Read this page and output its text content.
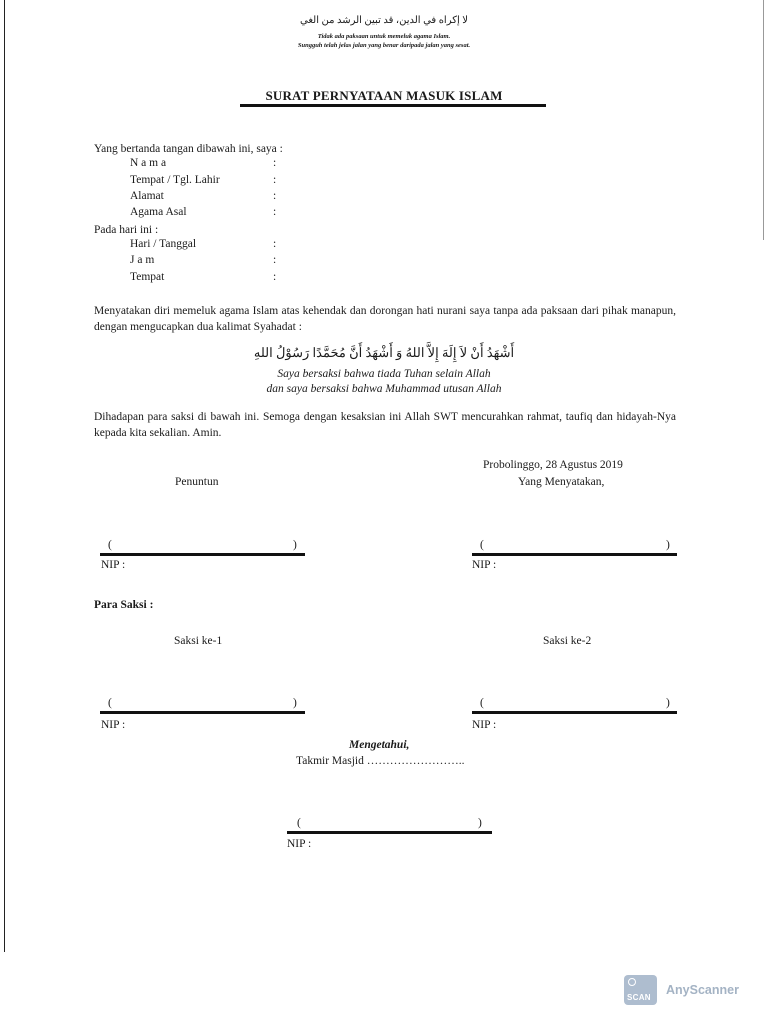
لا إكراه في الدين، قد تبين الرشد من الغي
Tidak ada paksaan untuk memeluk agama Islam.
Sungguh telah jelas jalan yang benar daripada jalan yang sesat.
SURAT PERNYATAAN MASUK ISLAM
Yang bertanda tangan dibawah ini, saya :
N a m a	:
Tempat / Tgl. Lahir	:
Alamat	:
Agama Asal	:
Pada hari ini :
Hari / Tanggal	:
J a m	:
Tempat	:
Menyatakan diri memeluk agama Islam atas kehendak dan dorongan hati nurani saya tanpa ada paksaan dari pihak manapun, dengan mengucapkan dua kalimat Syahadat :
أَشْهَدُ أَنْ لاَ إِلَهَ إِلاَّ اللهُ وَ أَشْهَدُ أَنَّ مُحَمَّدًا رَسُوْلُ اللهِ
Saya bersaksi bahwa tiada Tuhan selain Allah
dan saya bersaksi bahwa Muhammad utusan Allah
Dihadapan para saksi di bawah ini. Semoga dengan kesaksian ini Allah SWT mencurahkan rahmat, taufiq dan hidayah-Nya kepada kita sekalian. Amin.
Probolinggo, 28 Agustus 2019
Penuntun	Yang Menyatakan,
(	)
NIP :
(	)
NIP :
Para Saksi :
Saksi ke-1	Saksi ke-2
(	)
NIP :
(	)
NIP :
Mengetahui,
Takmir Masjid ……………………..
(	)
NIP :
SCAN
AnyScanner
